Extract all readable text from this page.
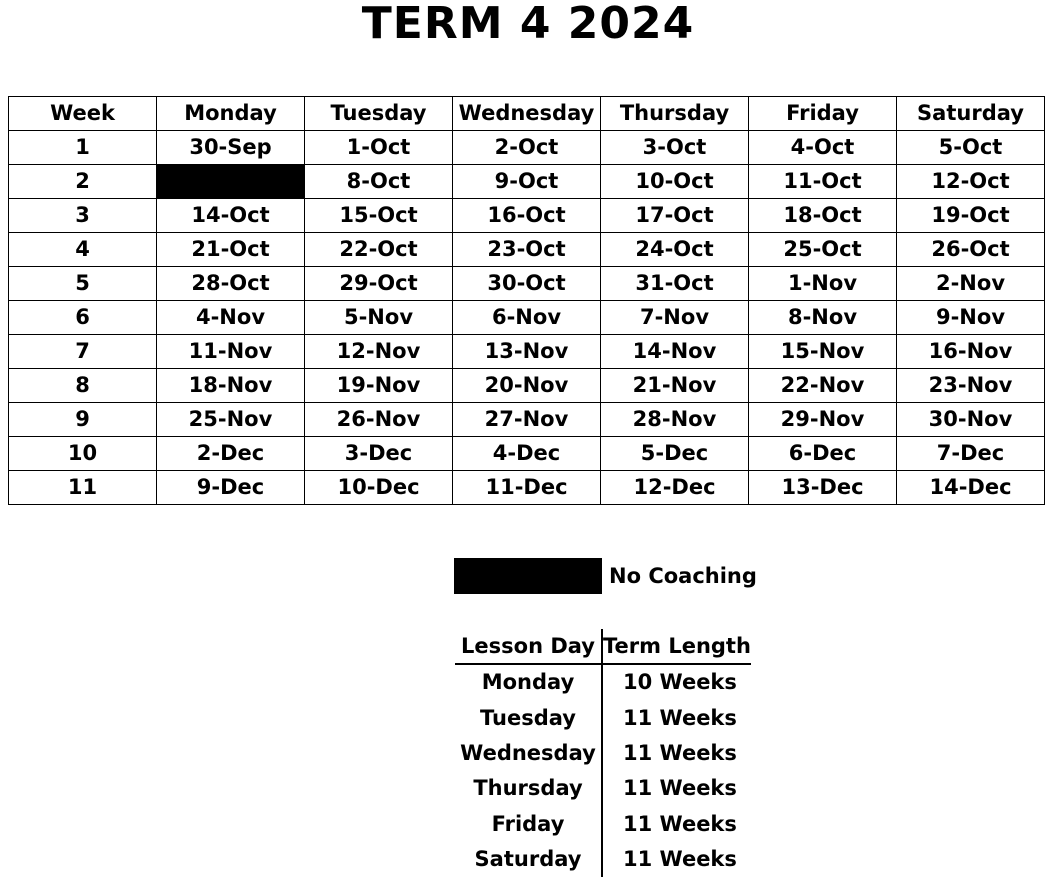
TERM 4 2024
Week	Monday	Tuesday	Wednesday	Thursday	Friday	Saturday
1	30-Sep	1-Oct	2-Oct	3-Oct	4-Oct	5-Oct
2		8-Oct	9-Oct	10-Oct	11-Oct	12-Oct
3	14-Oct	15-Oct	16-Oct	17-Oct	18-Oct	19-Oct
4	21-Oct	22-Oct	23-Oct	24-Oct	25-Oct	26-Oct
5	28-Oct	29-Oct	30-Oct	31-Oct	1-Nov	2-Nov
6	4-Nov	5-Nov	6-Nov	7-Nov	8-Nov	9-Nov
7	11-Nov	12-Nov	13-Nov	14-Nov	15-Nov	16-Nov
8	18-Nov	19-Nov	20-Nov	21-Nov	22-Nov	23-Nov
9	25-Nov	26-Nov	27-Nov	28-Nov	29-Nov	30-Nov
10	2-Dec	3-Dec	4-Dec	5-Dec	6-Dec	7-Dec
11	9-Dec	10-Dec	11-Dec	12-Dec	13-Dec	14-Dec
No Coaching
Lesson Day	Term Length
Monday	10 Weeks
Tuesday	11 Weeks
Wednesday	11 Weeks
Thursday	11 Weeks
Friday	11 Weeks
Saturday	11 Weeks
